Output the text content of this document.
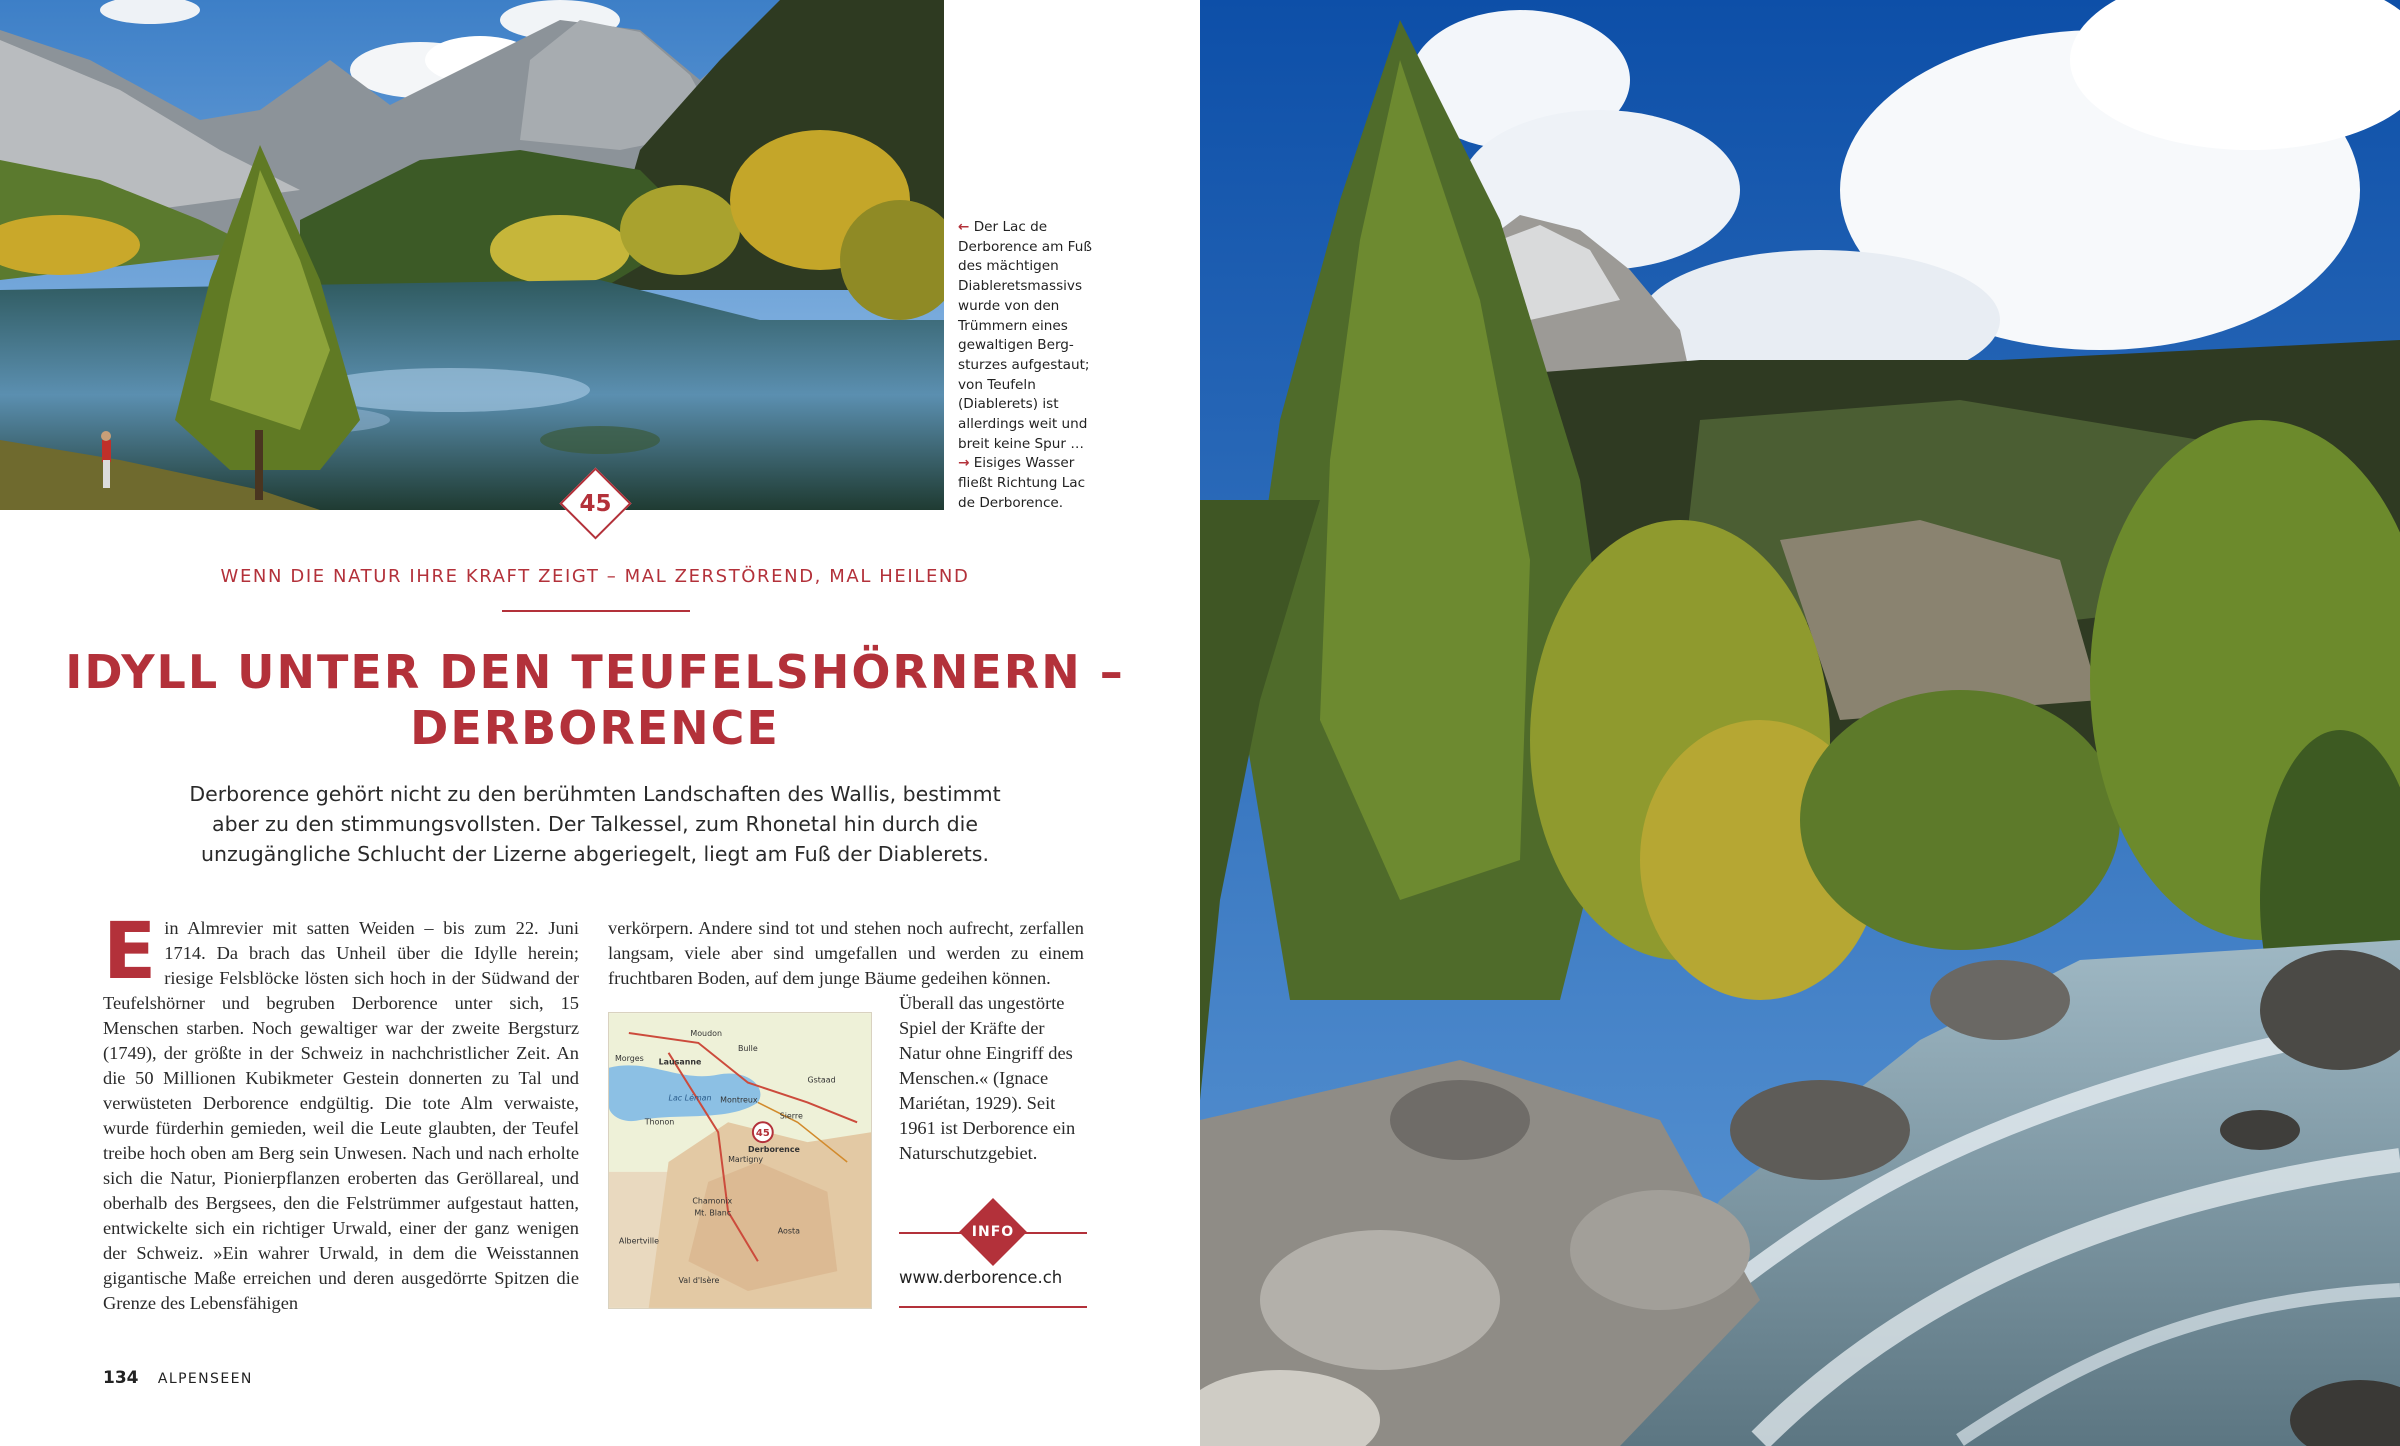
← Der Lac de Derborence am Fuß des mächtigen Diableretsmassivs wurde von den Trümmern eines gewaltigen Bergsturzes aufgestaut; von Teufeln (Diablerets) ist allerdings weit und breit keine Spur …
→ Eisiges Wasser fließt Richtung Lac de Derborence.
45
WENN DIE NATUR IHRE KRAFT ZEIGT – MAL ZERSTÖREND, MAL HEILEND
IDYLL UNTER DEN TEUFELSHÖRNERN –
DERBORENCE
Derborence gehört nicht zu den berühmten Landschaften des Wallis, bestimmt aber zu den stimmungsvollsten. Der Talkessel, zum Rhonetal hin durch die unzugängliche Schlucht der Lizerne abgeriegelt, liegt am Fuß der Diablerets.
Ein Almrevier mit satten Weiden – bis zum 22. Juni 1714. Da brach das Unheil über die Idylle herein; riesige Felsblöcke lösten sich hoch in der Südwand der Teufelshörner und begruben Derborence unter sich, 15 Menschen starben. Noch gewaltiger war der zweite Bergsturz (1749), der größte in der Schweiz in nachchristlicher Zeit. An die 50 Millionen Kubikmeter Gestein donnerten zu Tal und verwüsteten Derborence endgültig. Die tote Alm verwaiste, wurde fürderhin gemieden, weil die Leute glaubten, der Teufel treibe hoch oben am Berg sein Unwesen. Nach und nach erholte sich die Natur, Pionierpflanzen eroberten das Geröllareal, und oberhalb des Bergsees, den die Felstrümmer aufgestaut hatten, entwickelte sich ein richtiger Urwald, einer der ganz wenigen der Schweiz. »Ein wahrer Urwald, in dem die Weisstannen gigantische Maße erreichen und deren ausgedörrte Spitzen die Grenze des Lebensfähigen
verkörpern. Andere sind tot und stehen noch aufrecht, zerfallen langsam, viele aber sind umgefallen und werden zu einem fruchtbaren Boden, auf dem junge Bäume gedeihen können.
Überall das ungestörte Spiel der Kräfte der Natur ohne Eingriff des Menschen.« (Ignace Mariétan, 1929). Seit 1961 ist Derborence ein Naturschutzgebiet.
45
Moudon
Morges Lausanne
Bulle
Gstaad
Lac Léman
Thonon
Montreux
Sierre
Martigny
Derborence
Chamonix
Mt. Blanc
Aosta
Albertville
Val d'Isère
INFO
www.derborence.ch
134 ALPENSEEN
